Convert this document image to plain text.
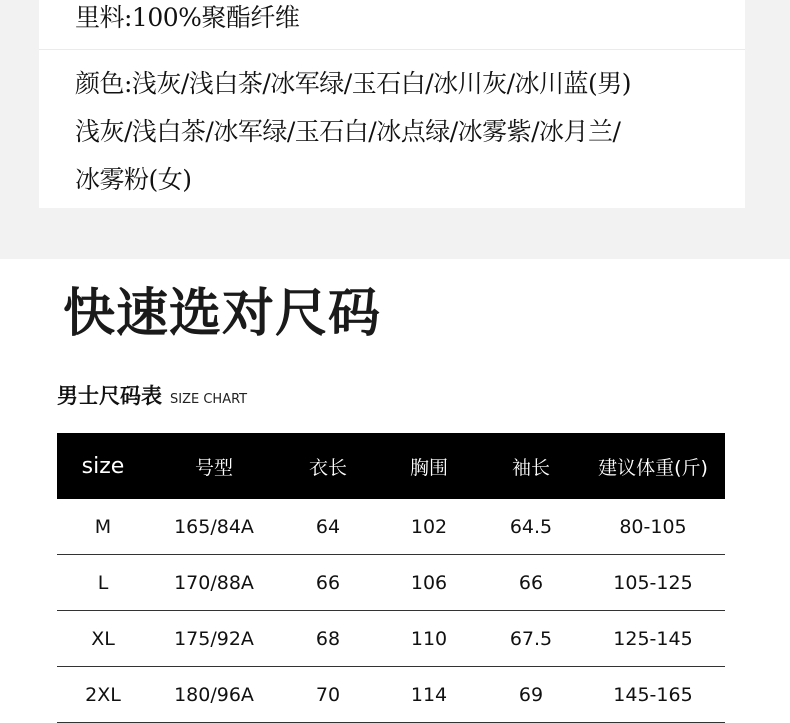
里料:100%聚酯纤维
颜色:浅灰/浅白茶/冰军绿/玉石白/冰川灰/冰川蓝(男)
浅灰/浅白茶/冰军绿/玉石白/冰点绿/冰雾紫/冰月兰/
冰雾粉(女)
快速选对尺码
男士尺码表 SIZE CHART
size	号型	衣长	胸围	袖长	建议体重(斤)
M	165/84A	64	102	64.5	80-105
L	170/88A	66	106	66	105-125
XL	175/92A	68	110	67.5	125-145
2XL	180/96A	70	114	69	145-165
